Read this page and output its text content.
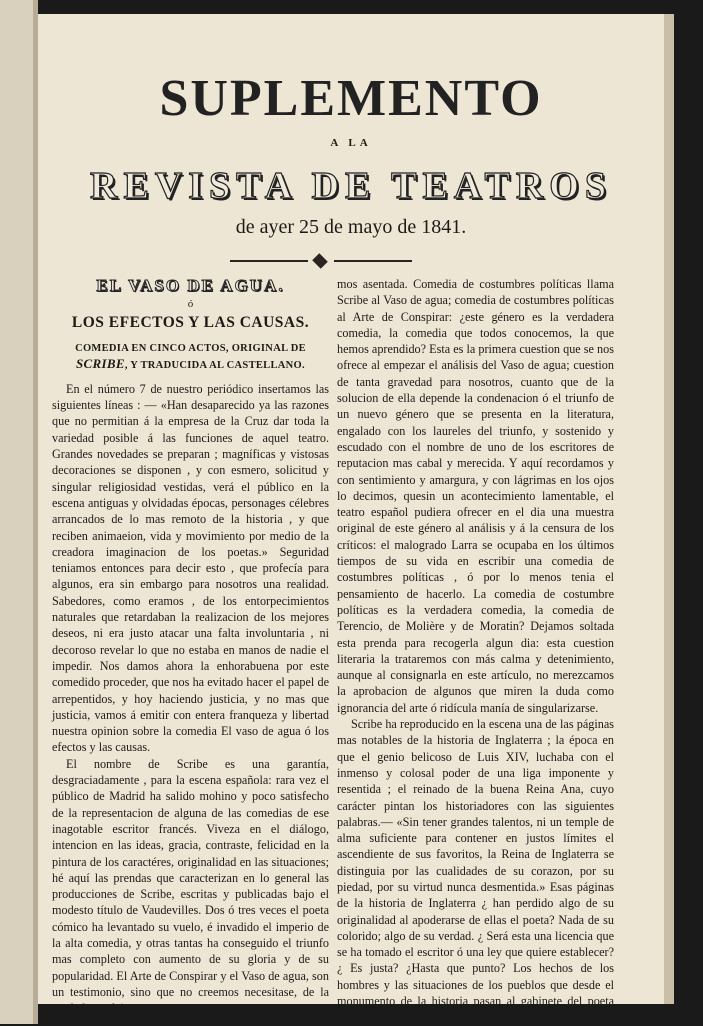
SUPLEMENTO
A LA
REVISTA DE TEATROS
de ayer 25 de mayo de 1841.
EL VASO DE AGUA.
ó
LOS EFECTOS Y LAS CAUSAS.
COMEDIA EN CINCO ACTOS, ORIGINAL DE
SCRIBE, Y TRADUCIDA AL CASTELLANO.

En el número 7 de nuestro periódico insertamos las siguientes líneas : — «Han desaparecido ya las razones que no permitian á la empresa de la Cruz dar toda la variedad posible á las funciones de aquel teatro. Grandes novedades se preparan ; magníficas y vistosas decoraciones se disponen , y con esmero, solicitud y singular religiosidad vestidas, verá el público en la escena antiguas y olvidadas épocas, personages célebres arrancados de lo mas remoto de la historia , y que reciben animaeion, vida y movimiento por medio de la creadora imaginacion de los poetas.» Seguridad teniamos entonces para decir esto , que profecía para algunos, era sin embargo para nosotros una realidad. Sabedores, como eramos , de los entorpecimientos naturales que retardaban la realizacion de los mejores deseos, ni era justo atacar una falta involuntaria , ni decoroso revelar lo que no estaba en manos de nadie el impedir. Nos damos ahora la enhorabuena por este comedido proceder, que nos ha evitado hacer el papel de arrepentidos, y hoy haciendo justicia, y no mas que justicia, vamos á emitir con entera franqueza y libertad nuestra opinion sobre la comedia El vaso de agua ó los efectos y las causas.

El nombre de Scribe es una garantía, desgraciadamente , para la escena española: rara vez el público de Madrid ha salido mohino y poco satisfecho de la representacion de alguna de las comedias de ese inagotable escritor francés. Viveza en el diálogo, intencion en las ideas, gracia, contraste, felicidad en la pintura de los caractéres, originalidad en las situaciones; hé aquí las prendas que caracterizan en lo general las producciones de Scribe, escritas y publicadas bajo el modesto título de Vaudevilles. Dos ó tres veces el poeta cómico ha levantado su vuelo, é invadido el imperio de la alta comedia, y otras tantas ha conseguido el triunfo mas completo con aumento de su gloria y de su popularidad. El Arte de Conspirar y el Vaso de agua, son un testimonio, sino que no creemos necesitase, de la verdad que deja-

mos asentada. Comedia de costumbres políticas llama Scribe al Vaso de agua; comedia de costumbres políticas al Arte de Conspirar: ¿este género es la verdadera comedia, la comedia que todos conocemos, la que hemos aprendido? Esta es la primera cuestion que se nos ofrece al empezar el análisis del Vaso de agua; cuestion de tanta gravedad para nosotros, cuanto que de la solucion de ella depende la condenacion ó el triunfo de un nuevo género que se presenta en la literatura, engalado con los laureles del triunfo, y sostenido y escudado con el nombre de uno de los escritores de reputacion mas cabal y merecida. Y aquí recordamos y con sentimiento y amargura, y con lágrimas en los ojos lo decimos, quesin un acontecimiento lamentable, el teatro español pudiera ofrecer en el dia una muestra original de este género al análisis y á la censura de los críticos: el malogrado Larra se ocupaba en los últimos tiempos de su vida en escribir una comedia de costumbres políticas , ó por lo menos tenia el pensamiento de hacerlo. La comedia de costumbre políticas es la verdadera comedia, la comedia de Terencio, de Molière y de Moratin? Dejamos soltada esta prenda para recogerla algun dia: esta cuestion literaria la trataremos con más calma y detenimiento, aunque al consignarla en este artículo, no merezcamos la aprobacion de algunos que miren la duda como ignorancia del arte ó ridícula manía de singularizarse.

Scribe ha reproducido en la escena una de las páginas mas notables de la historia de Inglaterra ; la época en que el genio belicoso de Luis XIV, luchaba con el inmenso y colosal poder de una liga imponente y resentida ; el reinado de la buena Reina Ana, cuyo carácter pintan los historiadores con las siguientes palabras.— «Sin tener grandes talentos, ni un temple de alma suficiente para contener en justos límites el ascendiente de sus favoritos, la Reina de Inglaterra se distinguia por las cualidades de su corazon, por su piedad, por su virtud nunca desmentida.» Esas páginas de la historia de Inglaterra ¿ han perdido algo de su originalidad al apoderarse de ellas el poeta? Nada de su colorido; algo de su verdad. ¿ Será esta una licencia que se ha tomado el escritor ó una ley que quiere establecer? ¿ Es justa? ¿Hasta que punto? Los hechos de los hombres y las situaciones de los pueblos que desde el monumento de la historia pasan al gabinete del poeta dramático, deben ser respetadas se-
